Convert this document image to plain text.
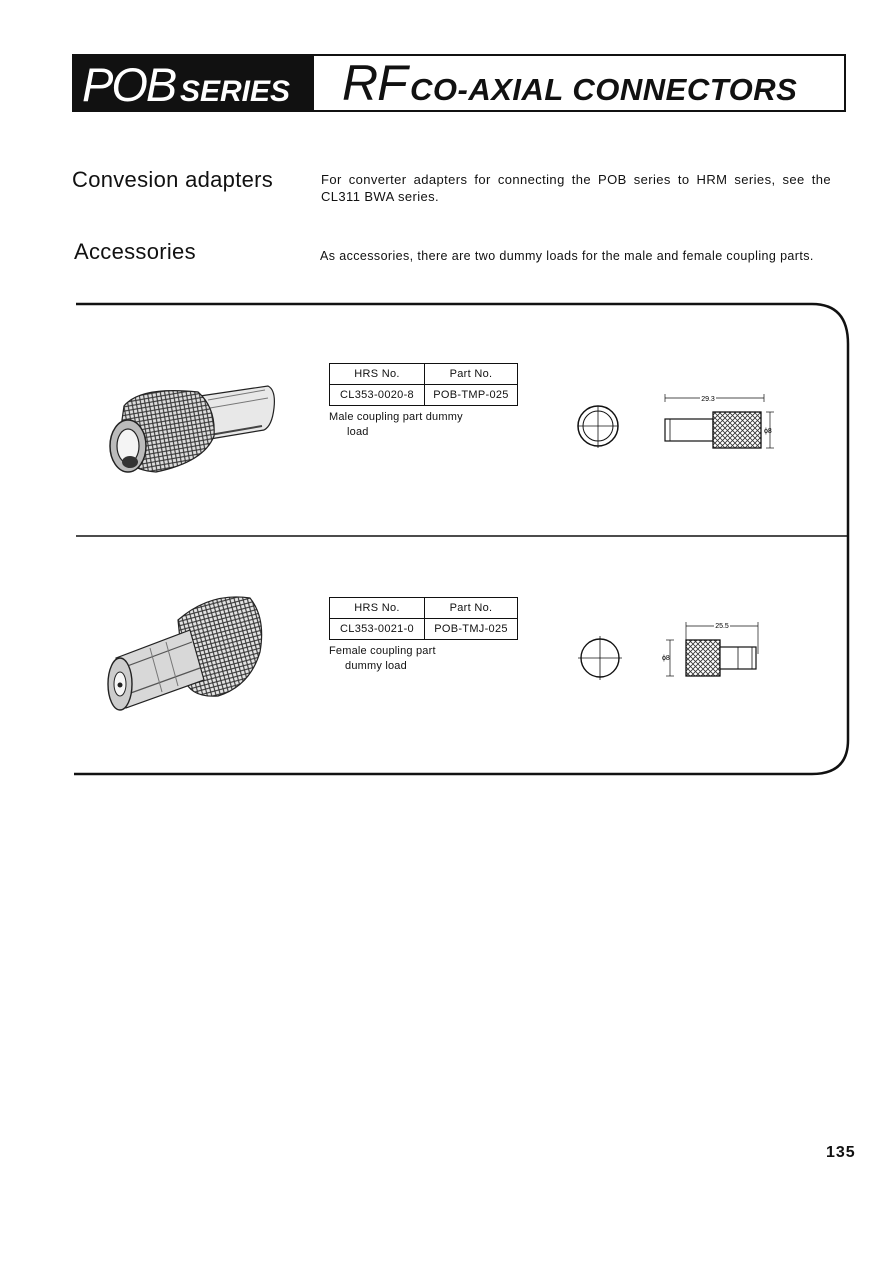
POB SERIES RF CO-AXIAL CONNECTORS
Convesion adapters	For converter adapters for connecting the POB series to HRM series, see the
CL311 BWA series.
Accessories	As accessories, there are two dummy loads for the male and female coupling parts.
HRS No.	Part No.
CL353-0020-8	POB-TMP-025
Male coupling part dummy
load
29.3
ϕ8
HRS No.	Part No.
CL353-0021-0	POB-TMJ-025
Female coupling part
dummy load
25.5
ϕ8
135
